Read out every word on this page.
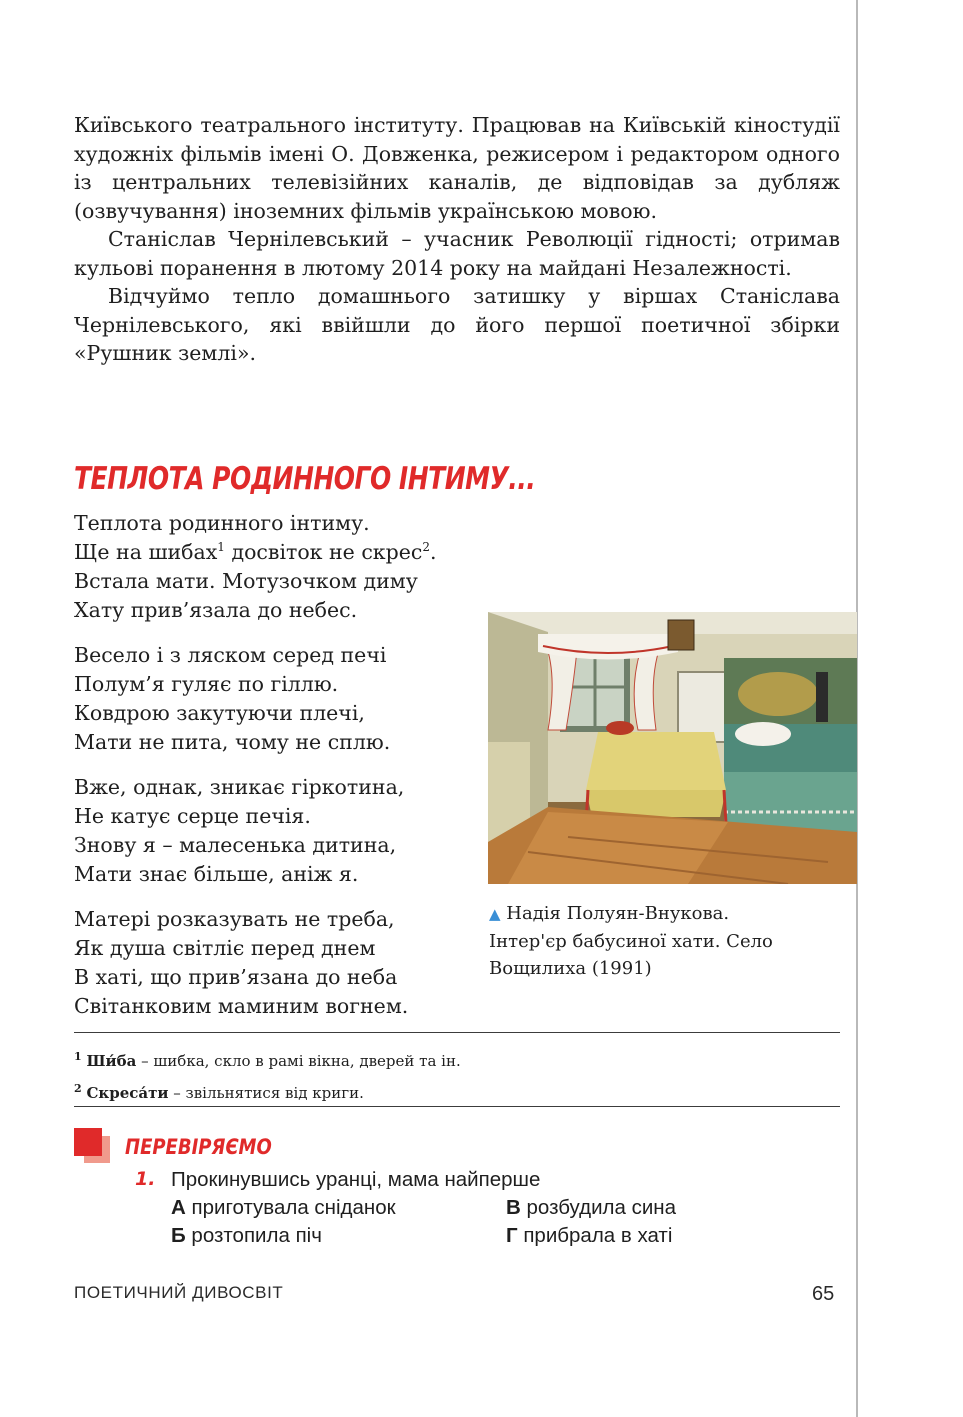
Київського театрального інституту. Працював на Київській кіностудії художніх фільмів імені О. Довженка, режисером і редактором одного із центральних телевізійних каналів, де відповідав за дубляж (озвучування) іноземних фільмів українською мовою.

Станіслав Чернілевський – учасник Революції гідності; отримав кульові поранення в лютому 2014 року на майдані Незалежності.

Відчуймо тепло домашнього затишку у віршах Станіслава Чернілевського, які ввійшли до його першої поетичної збірки «Рушник землі».

ТЕПЛОТА РОДИННОГО ІНТИМУ...
Теплота родинного інтиму.
Ще на шибах$^1$ досвіток не скрес$^2$.
Встала мати. Мотузочком диму
Хату прив’язала до небес.
Весело і з ляском серед печі
Полум’я гуляє по гіллю.
Ковдрою закутуючи плечі,
Мати не пита, чому не сплю.
Вже, однак, зникає гіркотина,
Не катує серце печія.
Знову я – малесенька дитина,
Мати знає більше, аніж я.
Матері розказувать не треба,
Як душа світліє перед днем
В хаті, що прив’язана до неба
Світанковим маминим вогнем.
▲ Надія Полуян-Внукова.
Інтер'єр бабусиної хати. Село
Вощилиха (1991)
$^1$ Ши́ба – шибка, скло в рамі вікна, дверей та ін.
$^2$ Скреса́ти – звільнятися від криги.
ПЕРЕВІРЯЄМО
1. Прокинувшись уранці, мама найперше
А приготувала сніданок
Б розтопила піч
В розбудила сина
Г прибрала в хаті
ПОЕТИЧНИЙ ДИВОСВІТ	65
